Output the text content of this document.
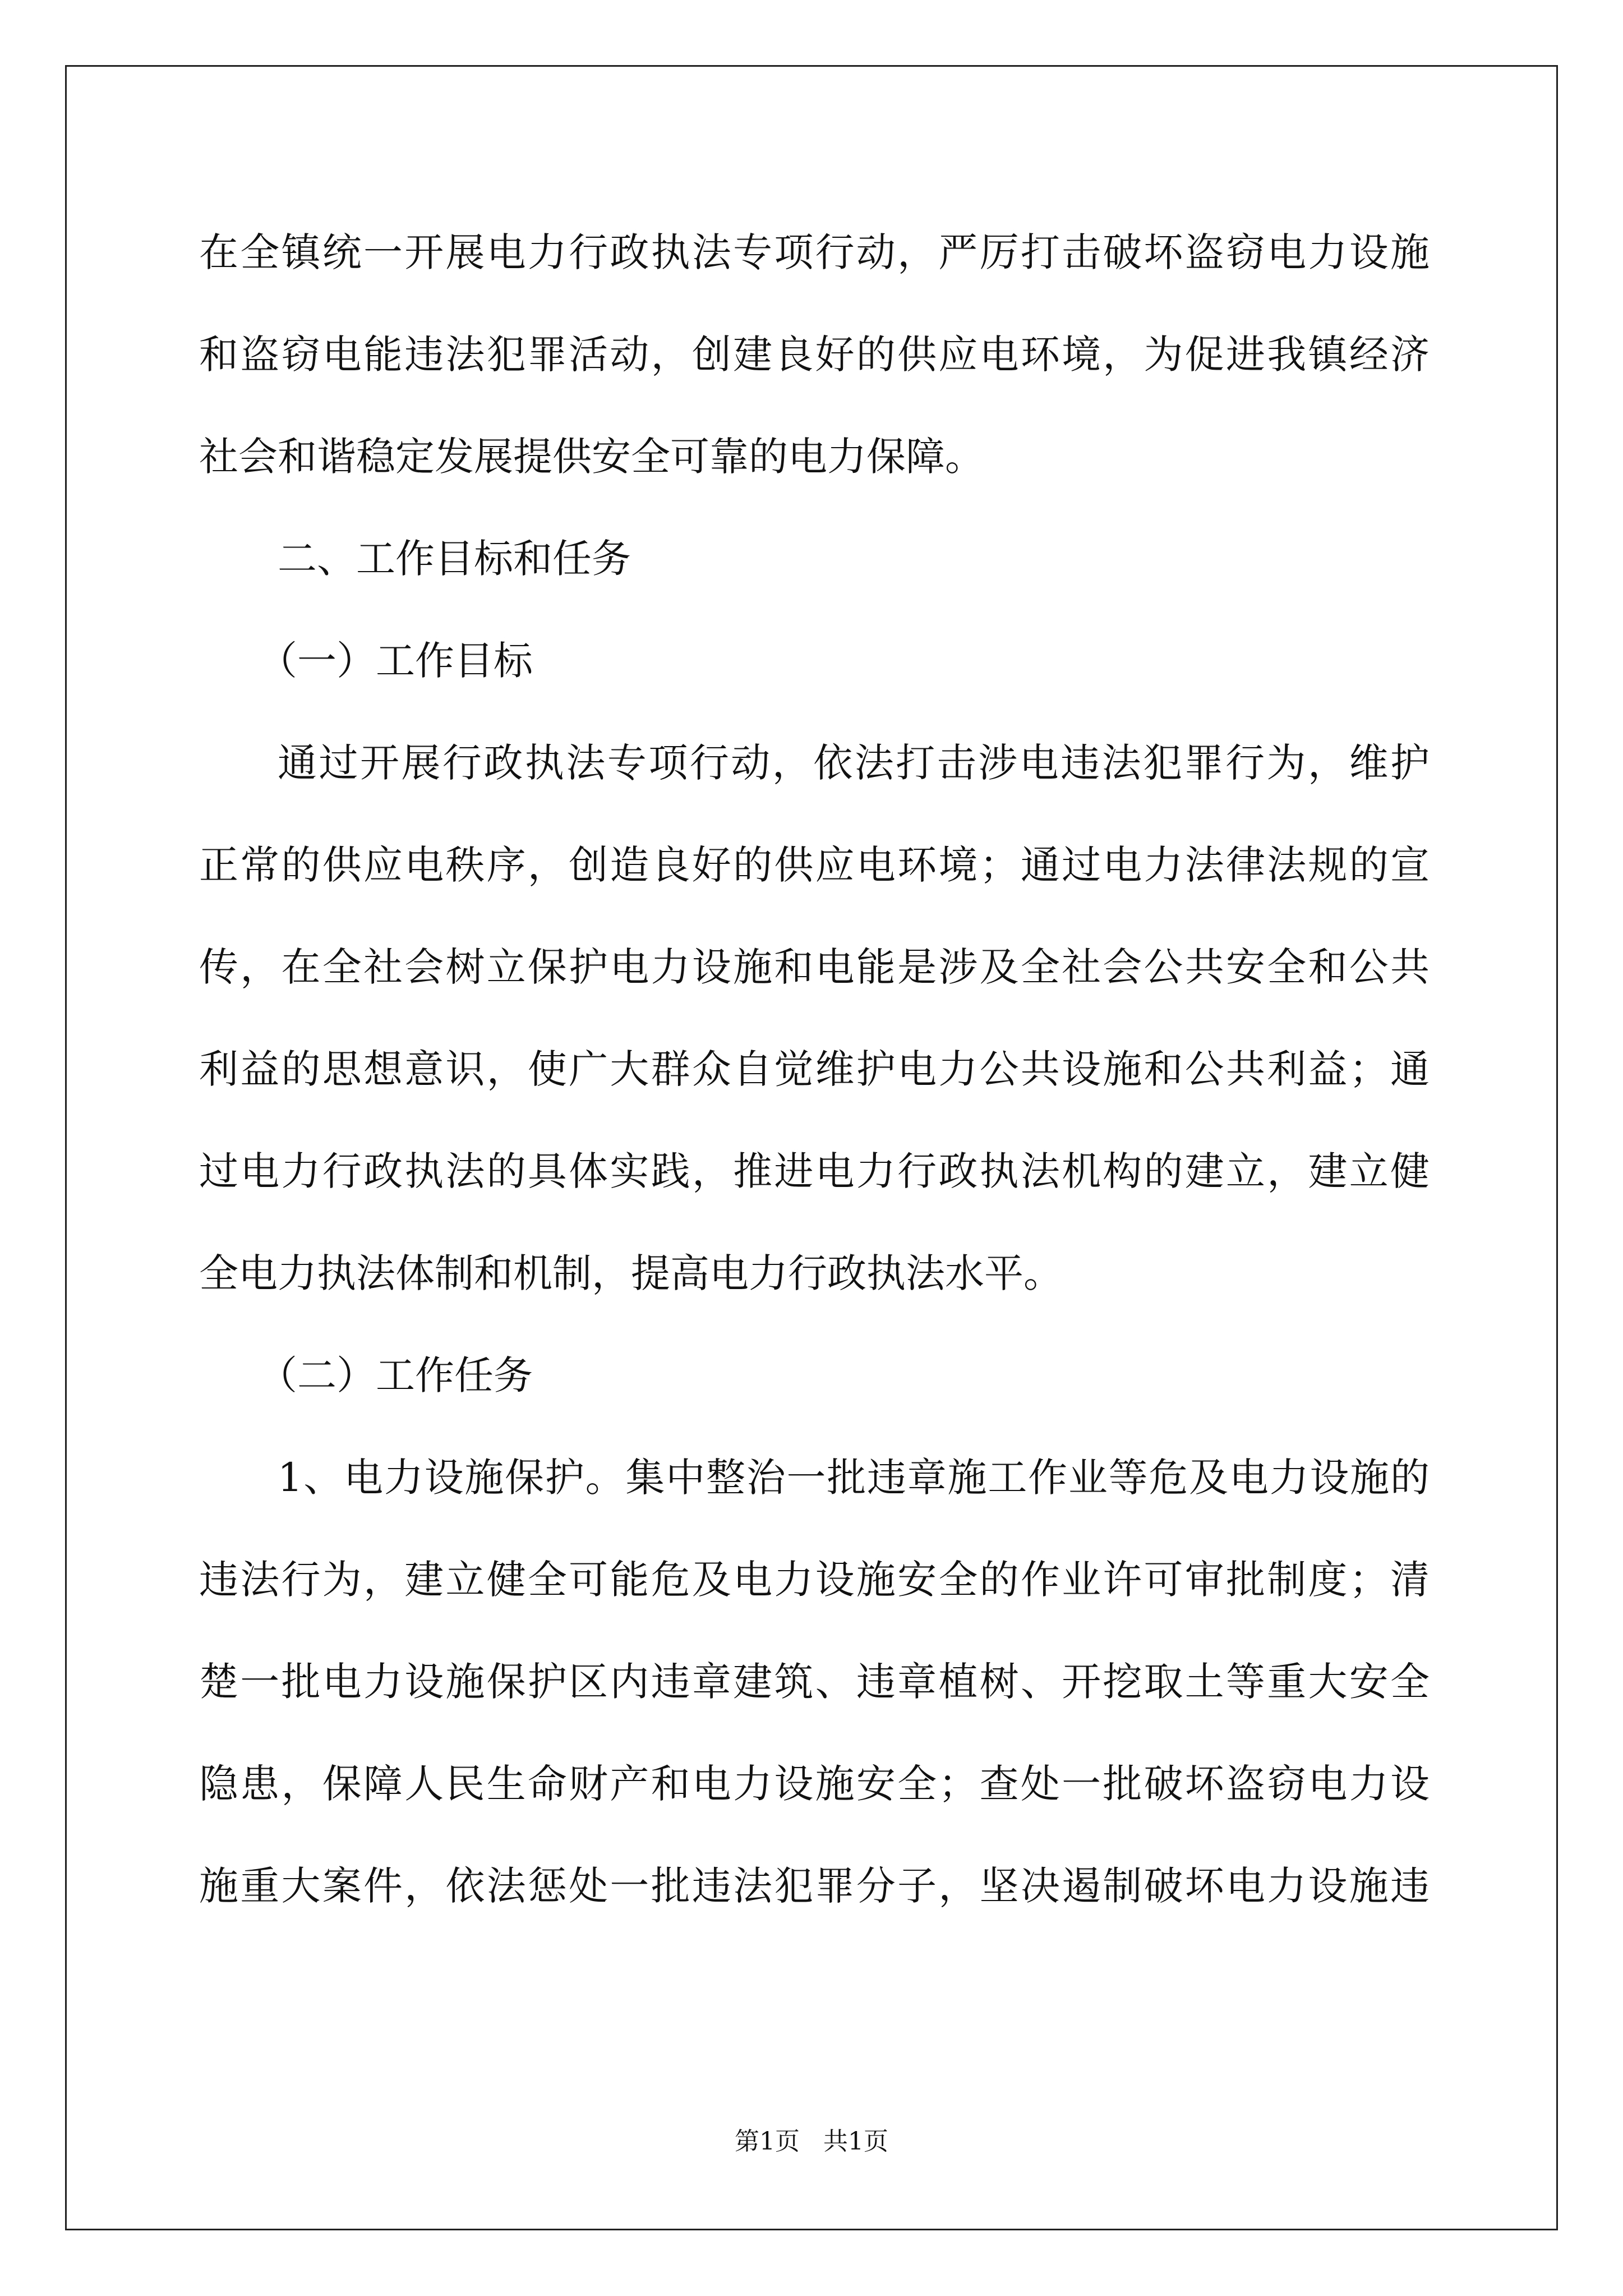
在全镇统一开展电力行政执法专项行动，严厉打击破坏盗窃电力设施
和盗窃电能违法犯罪活动，创建良好的供应电环境，为促进我镇经济
社会和谐稳定发展提供安全可靠的电力保障。
二、工作目标和任务
（一）工作目标
通过开展行政执法专项行动，依法打击涉电违法犯罪行为，维护
正常的供应电秩序，创造良好的供应电环境；通过电力法律法规的宣
传，在全社会树立保护电力设施和电能是涉及全社会公共安全和公共
利益的思想意识，使广大群众自觉维护电力公共设施和公共利益；通
过电力行政执法的具体实践，推进电力行政执法机构的建立，建立健
全电力执法体制和机制，提高电力行政执法水平。
（二）工作任务
1、电力设施保护。集中整治一批违章施工作业等危及电力设施的
违法行为，建立健全可能危及电力设施安全的作业许可审批制度；清
楚一批电力设施保护区内违章建筑、违章植树、开挖取土等重大安全
隐患，保障人民生命财产和电力设施安全；查处一批破坏盗窃电力设
施重大案件，依法惩处一批违法犯罪分子，坚决遏制破坏电力设施违
第1页   共1页
